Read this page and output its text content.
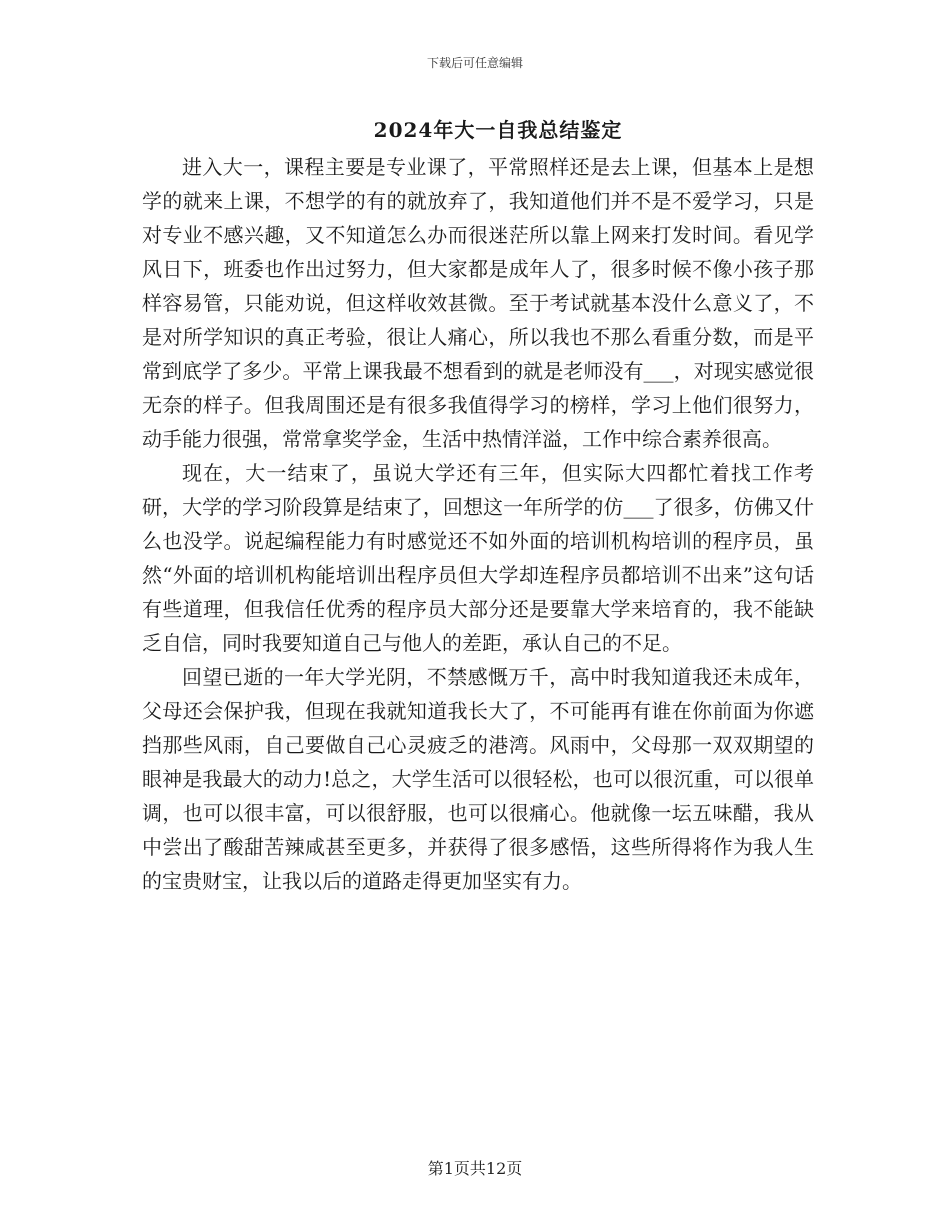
下载后可任意编辑
2024年大一自我总结鉴定

进入大一，课程主要是专业课了，平常照样还是去上课，但基本上是想学的就来上课，不想学的有的就放弃了，我知道他们并不是不爱学习，只是对专业不感兴趣，又不知道怎么办而很迷茫所以靠上网来打发时间。看见学风日下，班委也作出过努力，但大家都是成年人了，很多时候不像小孩子那样容易管，只能劝说，但这样收效甚微。至于考试就基本没什么意义了，不是对所学知识的真正考验，很让人痛心，所以我也不那么看重分数，而是平常到底学了多少。平常上课我最不想看到的就是老师没有___，对现实感觉很无奈的样子。但我周围还是有很多我值得学习的榜样，学习上他们很努力，动手能力很强，常常拿奖学金，生活中热情洋溢，工作中综合素养很高。

现在，大一结束了，虽说大学还有三年，但实际大四都忙着找工作考研，大学的学习阶段算是结束了，回想这一年所学的仿___了很多，仿佛又什么也没学。说起编程能力有时感觉还不如外面的培训机构培训的程序员，虽然“外面的培训机构能培训出程序员但大学却连程序员都培训不出来”这句话有些道理，但我信任优秀的程序员大部分还是要靠大学来培育的，我不能缺乏自信，同时我要知道自己与他人的差距，承认自己的不足。

回望已逝的一年大学光阴，不禁感慨万千，高中时我知道我还未成年，父母还会保护我，但现在我就知道我长大了，不可能再有谁在你前面为你遮挡那些风雨，自己要做自己心灵疲乏的港湾。风雨中，父母那一双双期望的眼神是我最大的动力!总之，大学生活可以很轻松，也可以很沉重，可以很单调，也可以很丰富，可以很舒服，也可以很痛心。他就像一坛五味醋，我从中尝出了酸甜苦辣咸甚至更多，并获得了很多感悟，这些所得将作为我人生的宝贵财宝，让我以后的道路走得更加坚实有力。

第1页共12页
